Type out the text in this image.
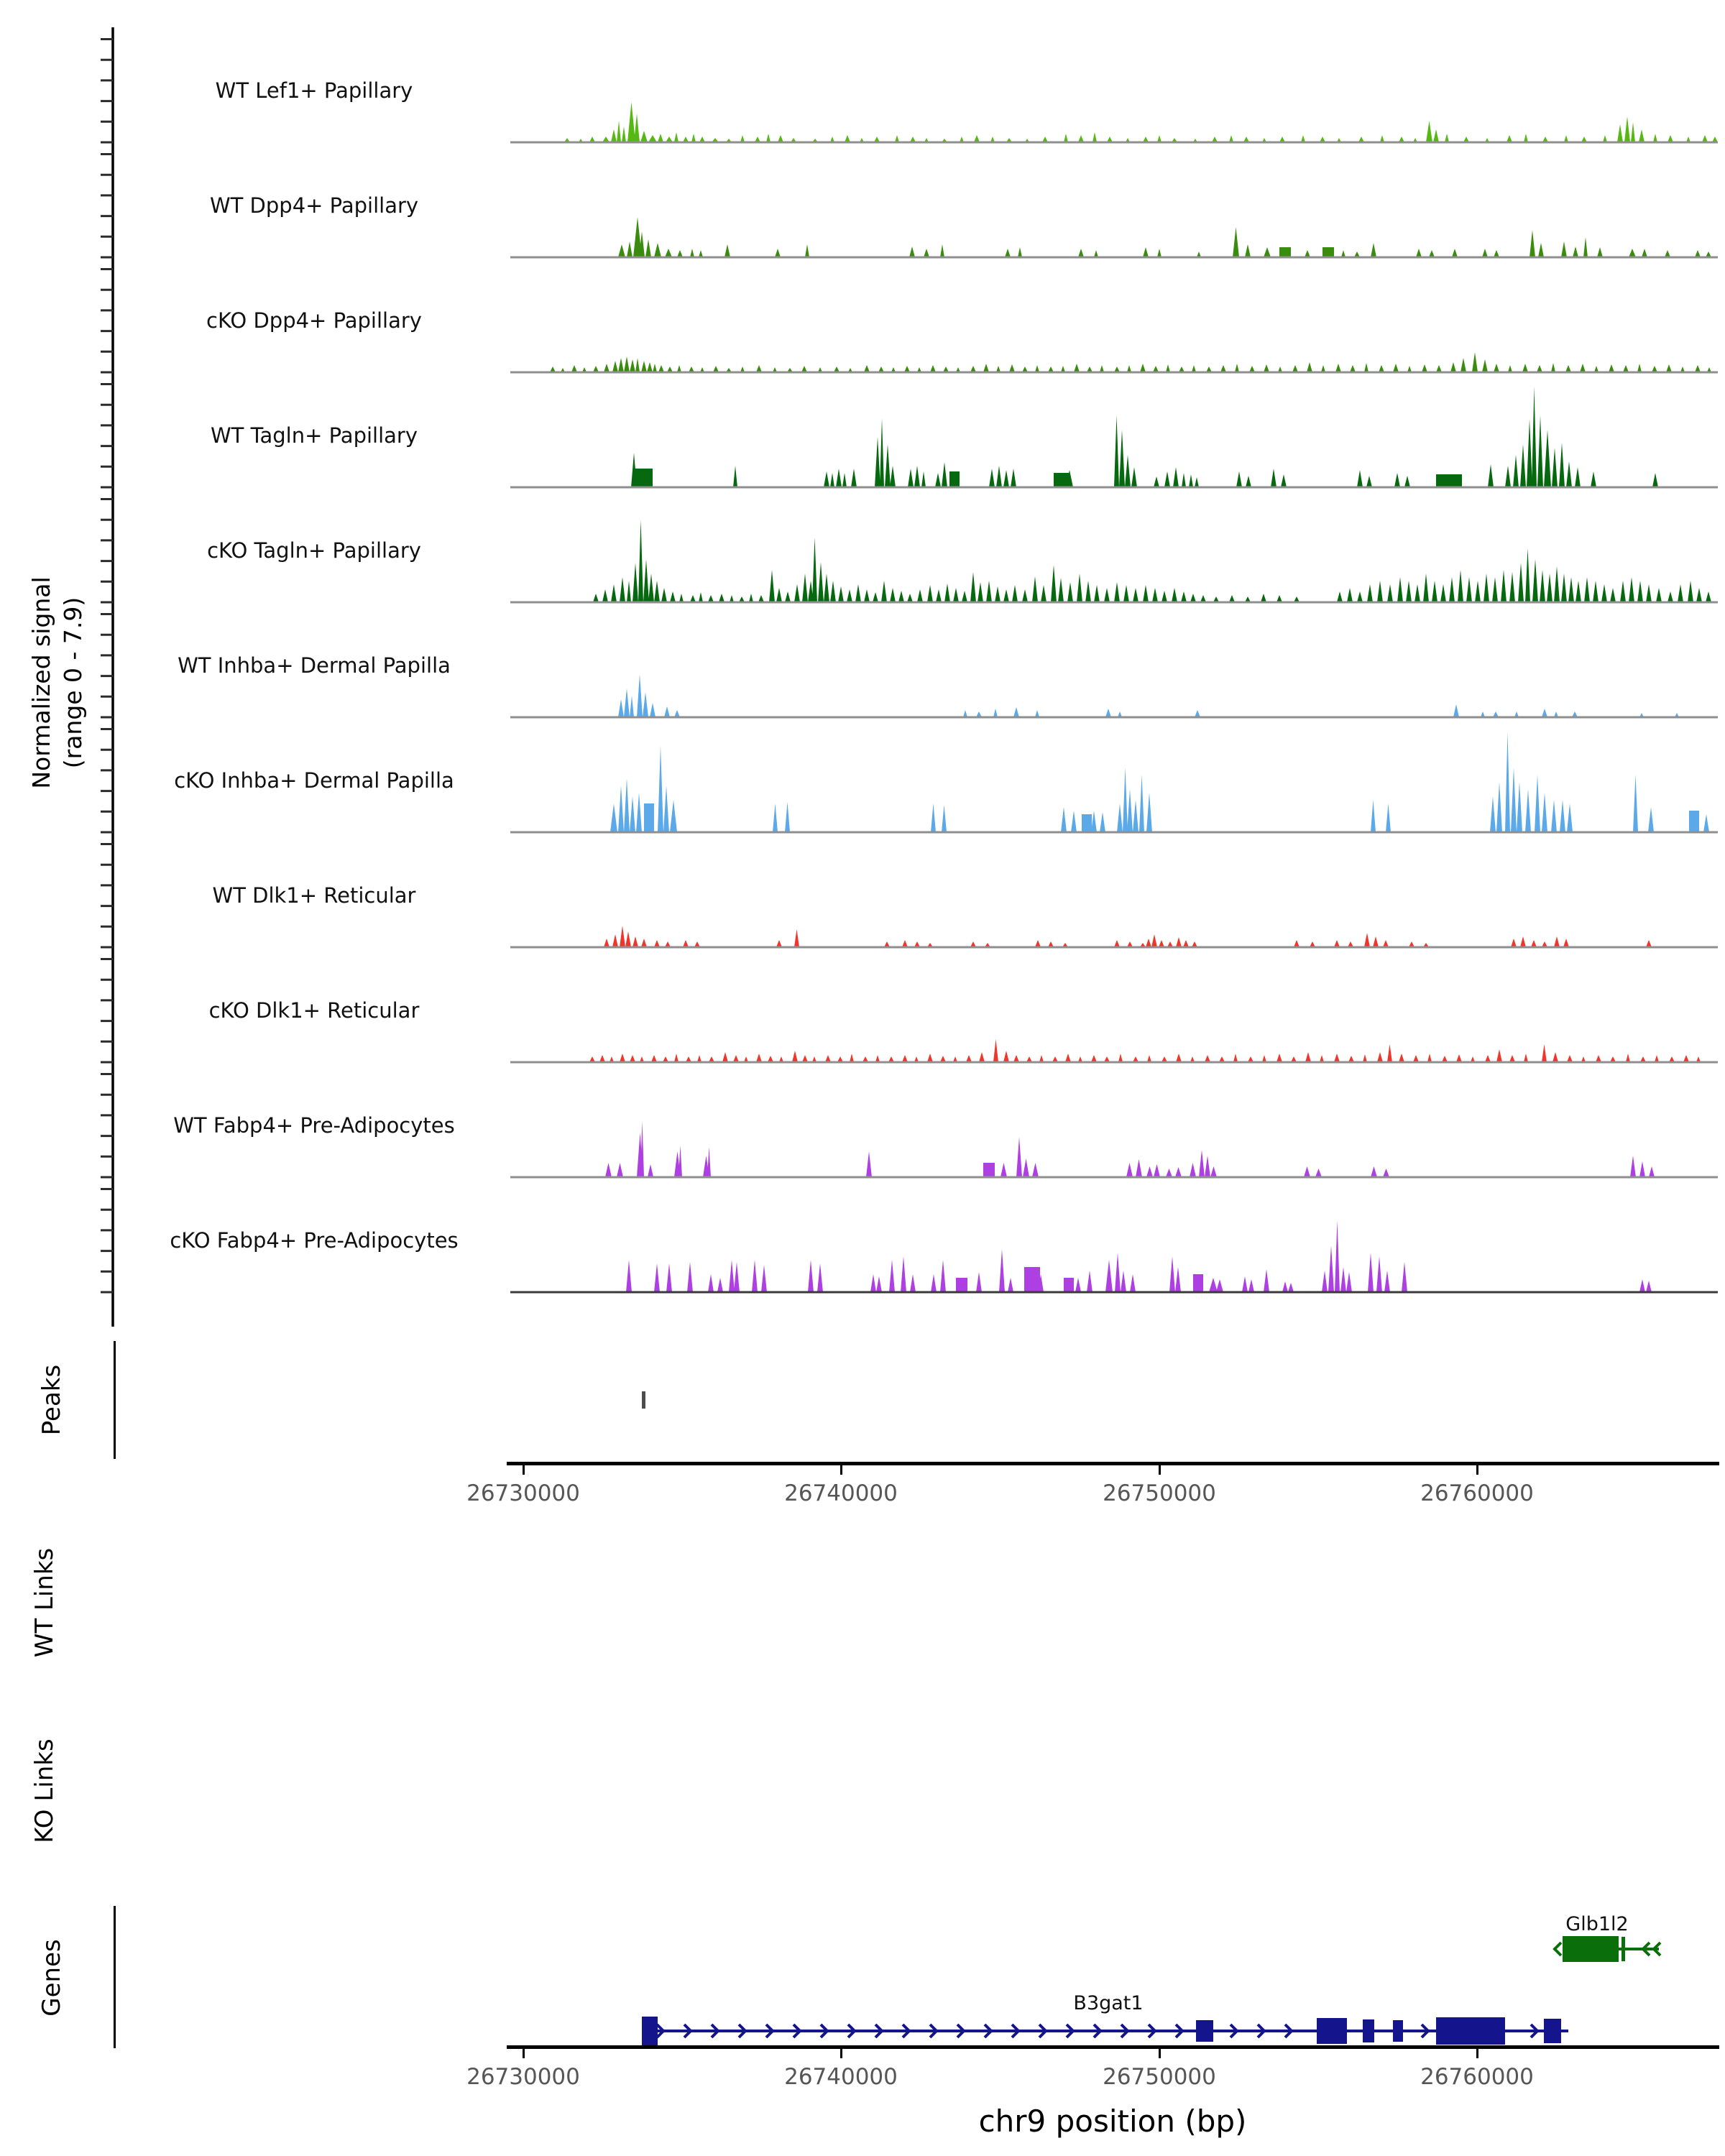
Normalized signal (range 0 - 7.9)
WT Lef1+ Papillary
WT Dpp4+ Papillary
cKO Dpp4+ Papillary
WT Tagln+ Papillary
cKO Tagln+ Papillary
WT Inhba+ Dermal Papilla
cKO Inhba+ Dermal Papilla
WT Dlk1+ Reticular
cKO Dlk1+ Reticular
WT Fabp4+ Pre-Adipocytes
cKO Fabp4+ Pre-Adipocytes
Peaks
26730000	26740000	26750000	26760000
WT Links
KO Links
Genes
Glb1l2
B3gat1
26730000	26740000	26750000	26760000
chr9 position (bp)
